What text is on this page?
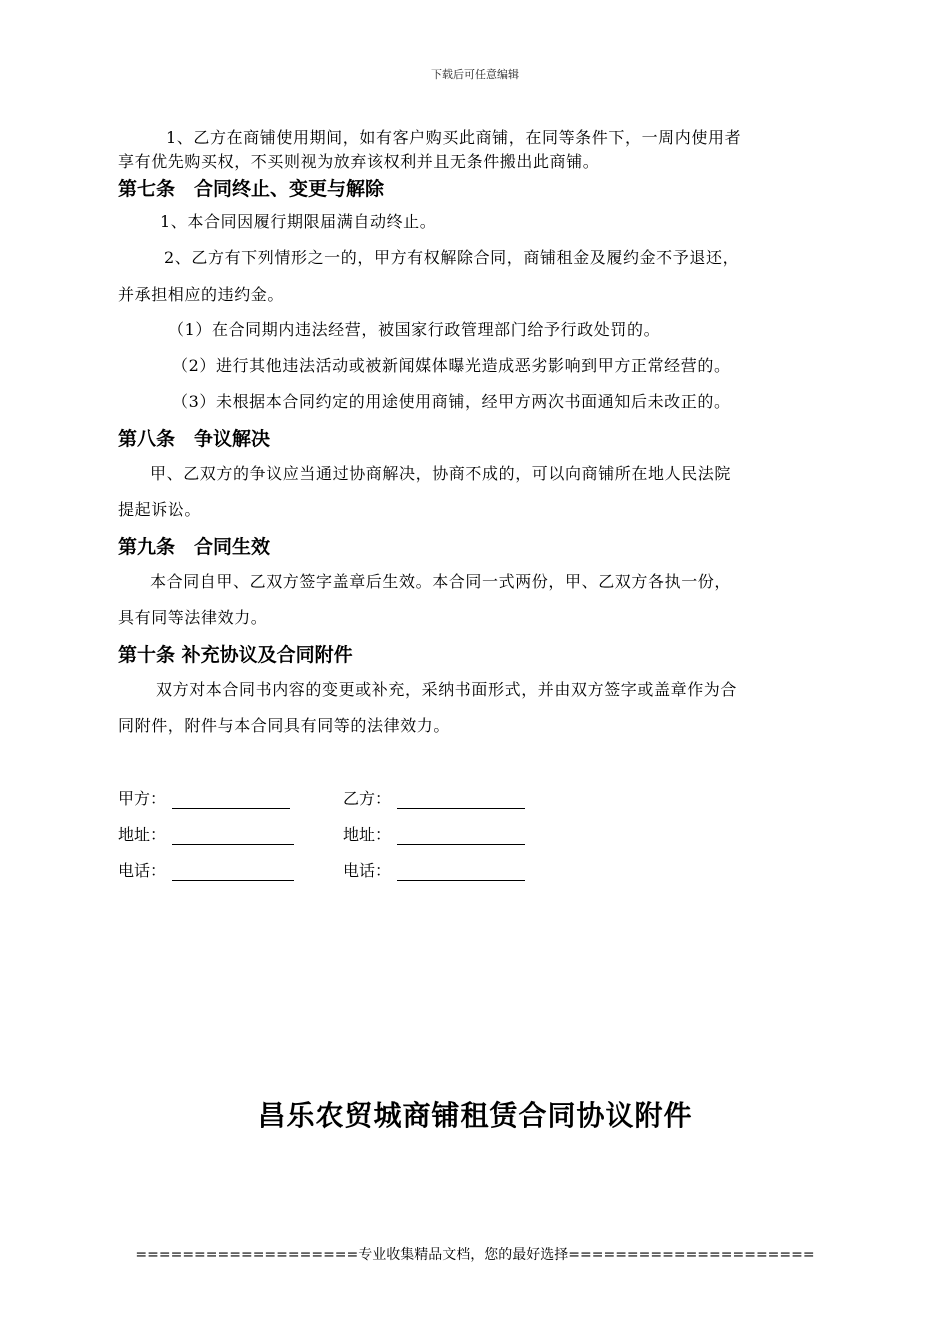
下载后可任意编辑
1、乙方在商铺使用期间，如有客户购买此商铺，在同等条件下，一周内使用者
享有优先购买权，不买则视为放弃该权利并且无条件搬出此商铺。
第七条　合同终止、变更与解除
1、本合同因履行期限届满自动终止。
2、乙方有下列情形之一的，甲方有权解除合同，商铺租金及履约金不予退还，
并承担相应的违约金。
（1）在合同期内违法经营，被国家行政管理部门给予行政处罚的。
（2）进行其他违法活动或被新闻媒体曝光造成恶劣影响到甲方正常经营的。
（3）未根据本合同约定的用途使用商铺，经甲方两次书面通知后未改正的。
第八条　争议解决
甲、乙双方的争议应当通过协商解决，协商不成的，可以向商铺所在地人民法院
提起诉讼。
第九条　合同生效
本合同自甲、乙双方签字盖章后生效。本合同一式两份，甲、乙双方各执一份，
具有同等法律效力。
第十条 补充协议及合同附件
双方对本合同书内容的变更或补充，采纳书面形式，并由双方签字或盖章作为合
同附件，附件与本合同具有同等的法律效力。
甲方：	乙方：
地址：	地址：
电话：	电话：
昌乐农贸城商铺租赁合同协议附件
===================专业收集精品文档，您的最好选择=====================
